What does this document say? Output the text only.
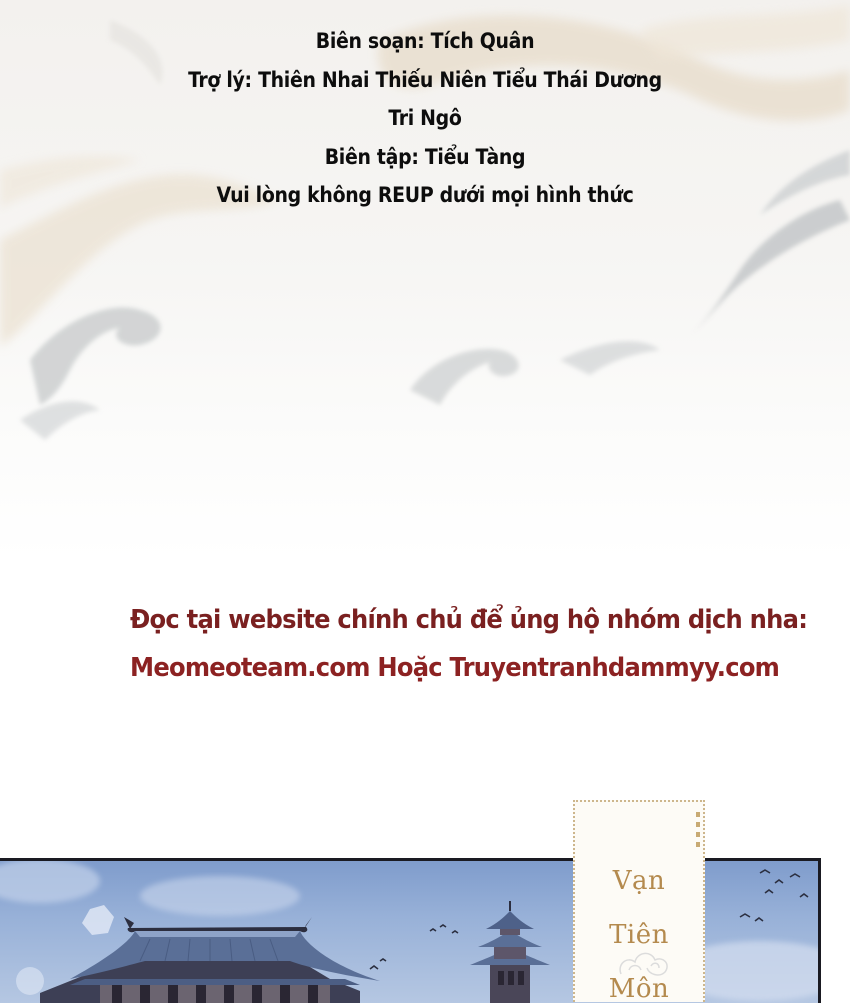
Biên soạn: Tích Quân
Trợ lý: Thiên Nhai Thiếu Niên Tiểu Thái Dương
Tri Ngô
Biên tập: Tiểu Tàng
Vui lòng không REUP dưới mọi hình thức
Đọc tại website chính chủ để ủng hộ nhóm dịch nha:
Meomeoteam.com Hoặc Truyentranhdammyy.com
Vạn
Tiên
Môn
